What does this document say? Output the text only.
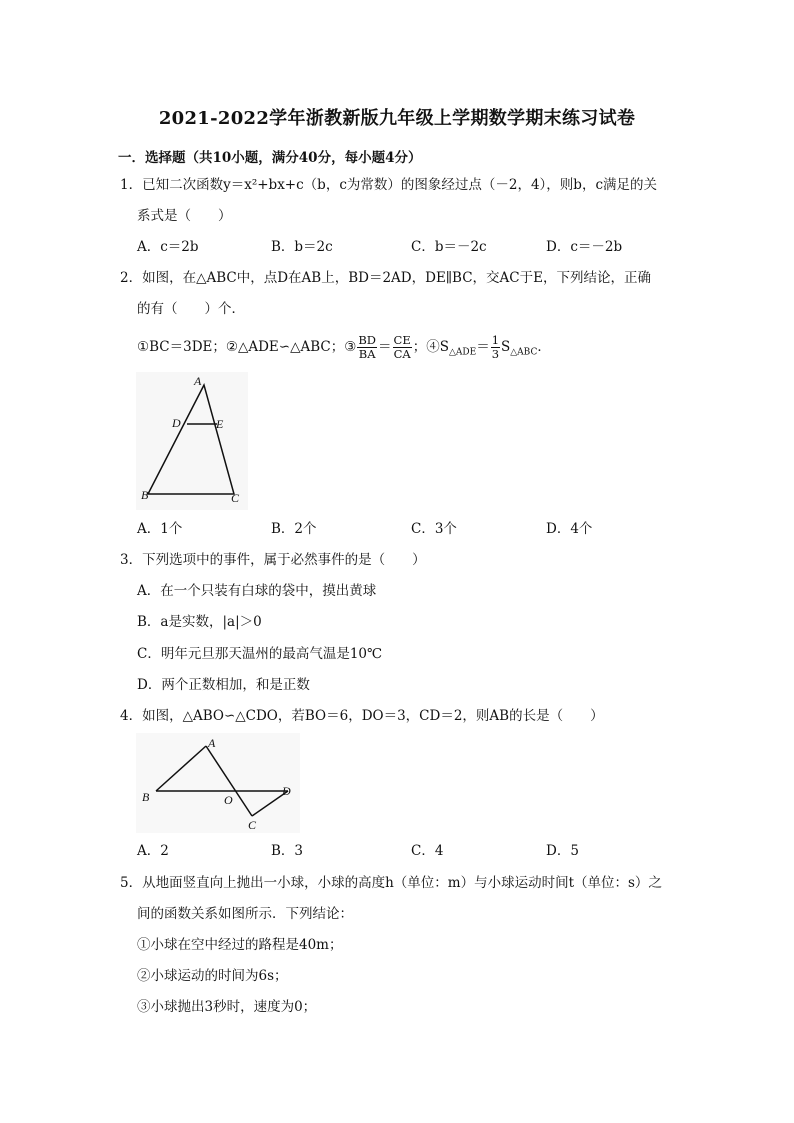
2021-2022学年浙教新版九年级上学期数学期末练习试卷
一．选择题（共10小题，满分40分，每小题4分）
1．已知二次函数y＝x²+bx+c（b，c为常数）的图象经过点（－2，4），则b，c满足的关
系式是（　　）
A．c＝2b	B．b＝2c	C．b＝－2c	D．c＝－2b
2．如图，在△ABC中，点D在AB上，BD＝2AD，DE∥BC，交AC于E，下列结论，正确
的有（　　）个．
①BC＝3DE；②△ADE∽△ABC；③ $\frac{BD}{BA} = \frac{CE}{CA}$ ；$④S_{\triangle ADE}= \frac{1}{3} S_{\triangle ABC}$．
A
D	E
B	C
A．1个	B．2个	C．3个	D．4个
3．下列选项中的事件，属于必然事件的是（　　）
A．在一个只装有白球的袋中，摸出黄球
B．a是实数，|a|＞0
C．明年元旦那天温州的最高气温是10℃
D．两个正数相加，和是正数
4．如图，△ABO∽△CDO，若BO＝6，DO＝3，CD＝2，则AB的长是（　　）
A
B	O
D
C
A．2	B．3	C．4	D．5
5．从地面竖直向上抛出一小球，小球的高度h（单位：m）与小球运动时间t（单位：s）之
间的函数关系如图所示．下列结论：
①小球在空中经过的路程是40m；
②小球运动的时间为6s；
③小球抛出3秒时，速度为0；
